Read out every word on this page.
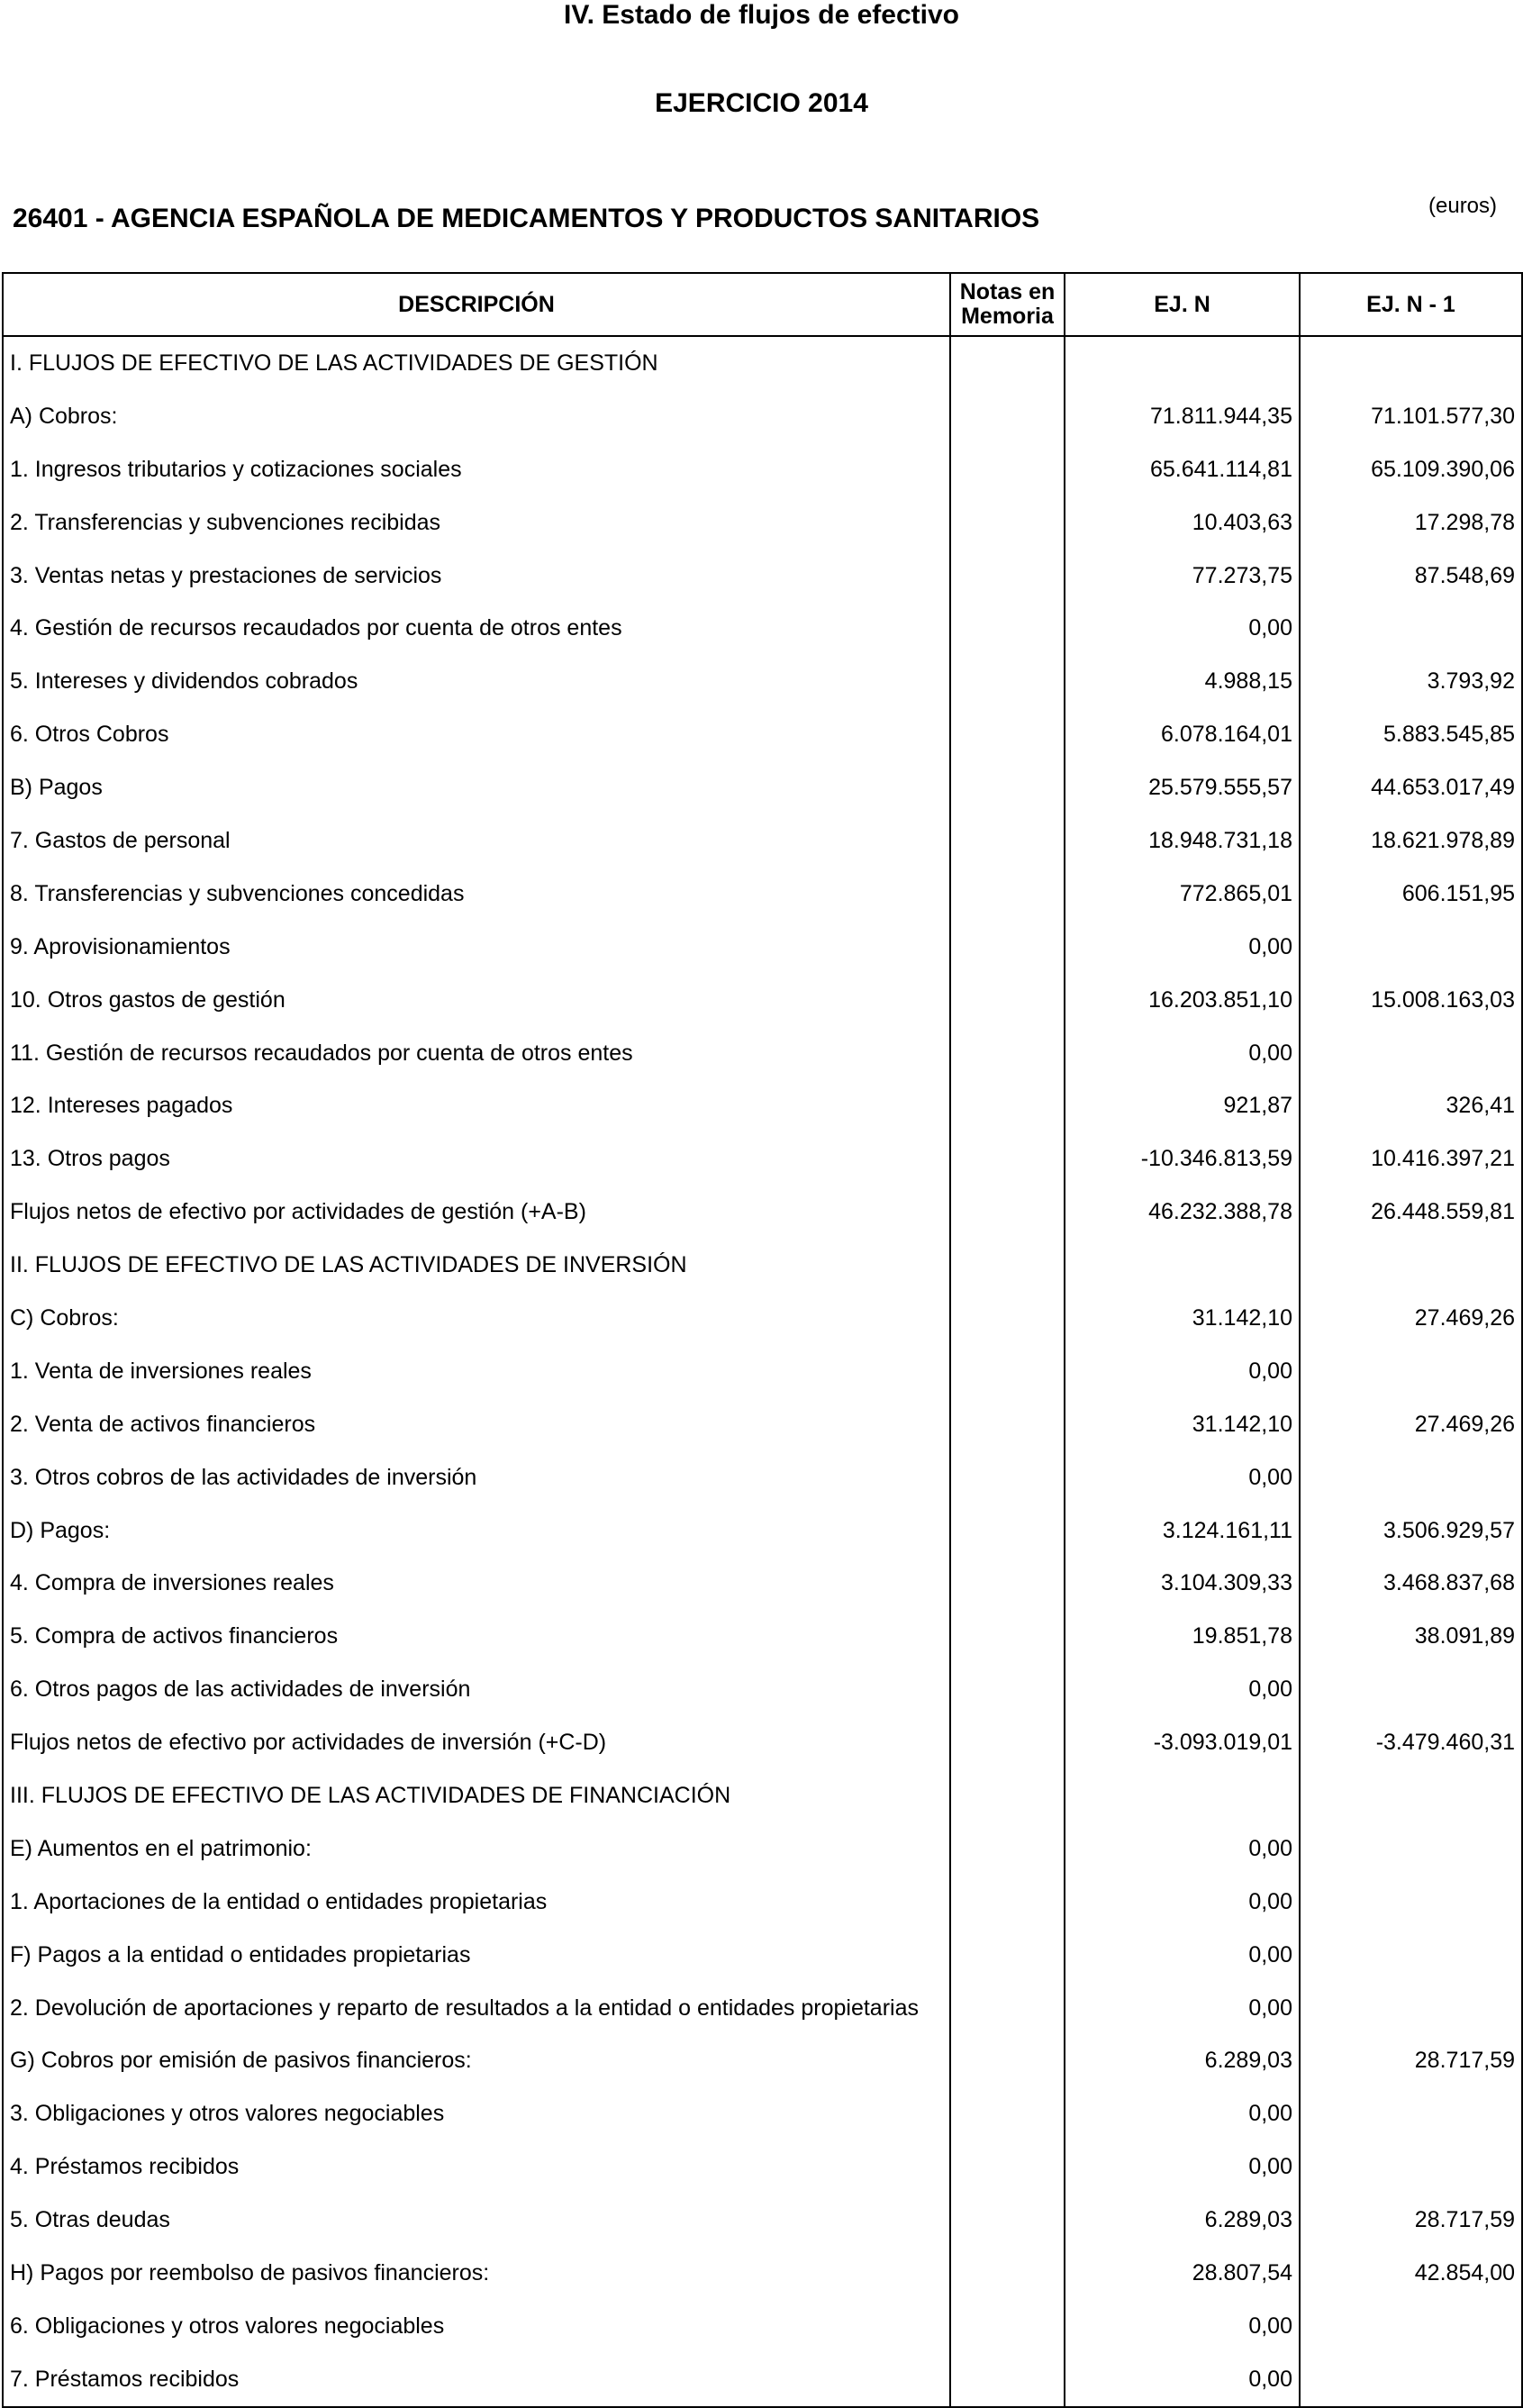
IV. Estado de flujos de efectivo
EJERCICIO 2014
26401 - AGENCIA ESPAÑOLA DE MEDICAMENTOS Y PRODUCTOS SANITARIOS	(euros)
DESCRIPCIÓN	Notas en Memoria	EJ. N	EJ. N - 1
I. FLUJOS DE EFECTIVO DE LAS ACTIVIDADES DE GESTIÓN			
A) Cobros:		71.811.944,35	71.101.577,30
1. Ingresos tributarios y cotizaciones sociales		65.641.114,81	65.109.390,06
2. Transferencias y subvenciones recibidas		10.403,63	17.298,78
3. Ventas netas y prestaciones de servicios		77.273,75	87.548,69
4. Gestión de recursos recaudados por cuenta de otros entes		0,00	
5. Intereses y dividendos cobrados		4.988,15	3.793,92
6. Otros Cobros		6.078.164,01	5.883.545,85
B) Pagos		25.579.555,57	44.653.017,49
7. Gastos de personal		18.948.731,18	18.621.978,89
8. Transferencias y subvenciones concedidas		772.865,01	606.151,95
9. Aprovisionamientos		0,00	
10. Otros gastos de gestión		16.203.851,10	15.008.163,03
11. Gestión de recursos recaudados por cuenta de otros entes		0,00	
12. Intereses pagados		921,87	326,41
13. Otros pagos		-10.346.813,59	10.416.397,21
Flujos netos de efectivo por actividades de gestión (+A-B)		46.232.388,78	26.448.559,81
II. FLUJOS DE EFECTIVO DE LAS ACTIVIDADES DE INVERSIÓN			
C) Cobros:		31.142,10	27.469,26
1. Venta de inversiones reales		0,00	
2. Venta de activos financieros		31.142,10	27.469,26
3. Otros cobros de las actividades de inversión		0,00	
D) Pagos:		3.124.161,11	3.506.929,57
4. Compra de inversiones reales		3.104.309,33	3.468.837,68
5. Compra de activos financieros		19.851,78	38.091,89
6. Otros pagos de las actividades de inversión		0,00	
Flujos netos de efectivo por actividades de inversión (+C-D)		-3.093.019,01	-3.479.460,31
III. FLUJOS DE EFECTIVO DE LAS ACTIVIDADES DE FINANCIACIÓN			
E) Aumentos en el patrimonio:		0,00	
1. Aportaciones de la entidad o entidades propietarias		0,00	
F) Pagos a la entidad o entidades propietarias		0,00	
2. Devolución de aportaciones y reparto de resultados a la entidad o entidades propietarias		0,00	
G) Cobros por emisión de pasivos financieros:		6.289,03	28.717,59
3. Obligaciones y otros valores negociables		0,00	
4. Préstamos recibidos		0,00	
5. Otras deudas		6.289,03	28.717,59
H) Pagos por reembolso de pasivos financieros:		28.807,54	42.854,00
6. Obligaciones y otros valores negociables		0,00	
7. Préstamos recibidos		0,00	
